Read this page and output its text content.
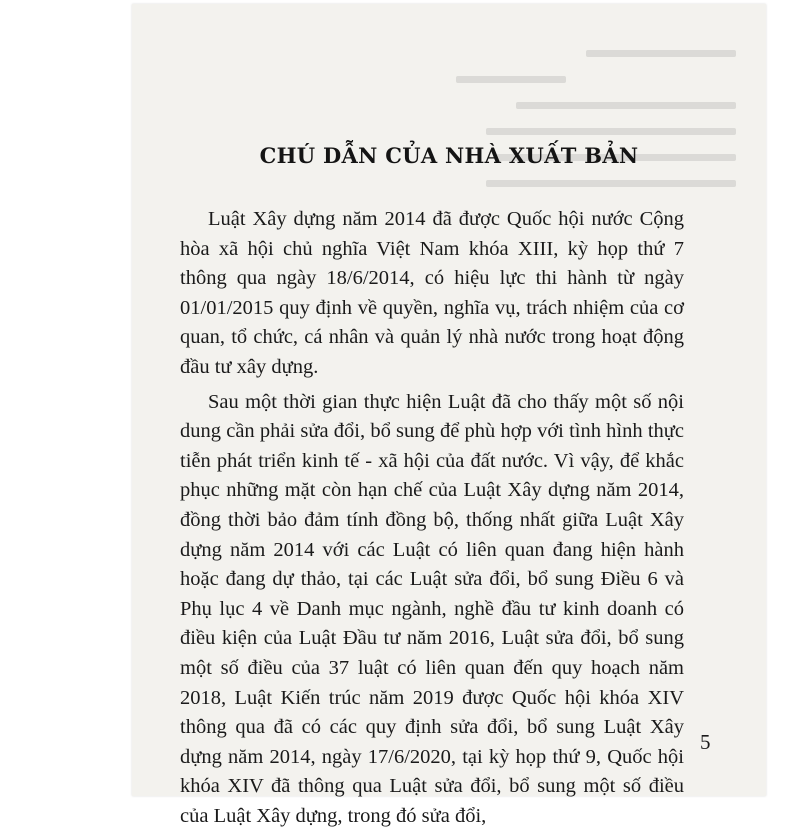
CHÚ DẪN CỦA NHÀ XUẤT BẢN

Luật Xây dựng năm 2014 đã được Quốc hội nước Cộng hòa xã hội chủ nghĩa Việt Nam khóa XIII, kỳ họp thứ 7 thông qua ngày 18/6/2014, có hiệu lực thi hành từ ngày 01/01/2015 quy định về quyền, nghĩa vụ, trách nhiệm của cơ quan, tổ chức, cá nhân và quản lý nhà nước trong hoạt động đầu tư xây dựng.

Sau một thời gian thực hiện Luật đã cho thấy một số nội dung cần phải sửa đổi, bổ sung để phù hợp với tình hình thực tiễn phát triển kinh tế - xã hội của đất nước. Vì vậy, để khắc phục những mặt còn hạn chế của Luật Xây dựng năm 2014, đồng thời bảo đảm tính đồng bộ, thống nhất giữa Luật Xây dựng năm 2014 với các Luật có liên quan đang hiện hành hoặc đang dự thảo, tại các Luật sửa đổi, bổ sung Điều 6 và Phụ lục 4 về Danh mục ngành, nghề đầu tư kinh doanh có điều kiện của Luật Đầu tư năm 2016, Luật sửa đổi, bổ sung một số điều của 37 luật có liên quan đến quy hoạch năm 2018, Luật Kiến trúc năm 2019 được Quốc hội khóa XIV thông qua đã có các quy định sửa đổi, bổ sung Luật Xây dựng năm 2014, ngày 17/6/2020, tại kỳ họp thứ 9, Quốc hội khóa XIV đã thông qua Luật sửa đổi, bổ sung một số điều của Luật Xây dựng, trong đó sửa đổi,

5
